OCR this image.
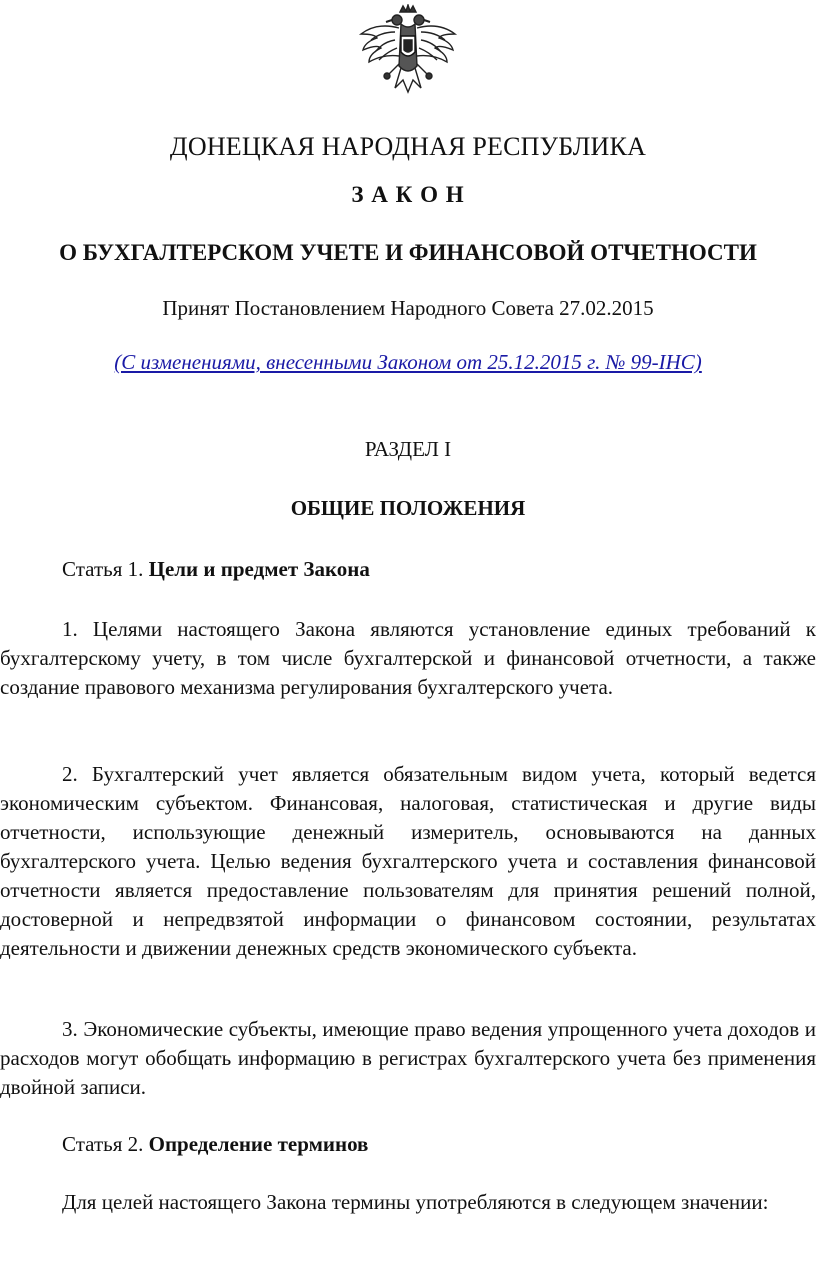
ДОНЕЦКАЯ НАРОДНАЯ РЕСПУБЛИКА
З А К О Н
О БУХГАЛТЕРСКОМ УЧЕТЕ И ФИНАНСОВОЙ ОТЧЕТНОСТИ
Принят Постановлением Народного Совета 27.02.2015
(С изменениями, внесенными Законом от 25.12.2015 г. № 99-IНС)
РАЗДЕЛ I
ОБЩИЕ ПОЛОЖЕНИЯ
Статья 1. Цели и предмет Закона
1. Целями настоящего Закона являются установление единых требований к бухгалтерскому учету, в том числе бухгалтерской и финансовой отчетности, а также создание правового механизма регулирования бухгалтерского учета.
2. Бухгалтерский учет является обязательным видом учета, который ведется экономическим субъектом. Финансовая, налоговая, статистическая и другие виды отчетности, использующие денежный измеритель, основываются на данных бухгалтерского учета. Целью ведения бухгалтерского учета и составления финансовой отчетности является предоставление пользователям для принятия решений полной, достоверной и непредвзятой информации о финансовом состоянии, результатах деятельности и движении денежных средств экономического субъекта.
3. Экономические субъекты, имеющие право ведения упрощенного учета доходов и расходов могут обобщать информацию в регистрах бухгалтерского учета без применения двойной записи.
Статья 2. Определение терминов
Для целей настоящего Закона термины употребляются в следующем значении:
